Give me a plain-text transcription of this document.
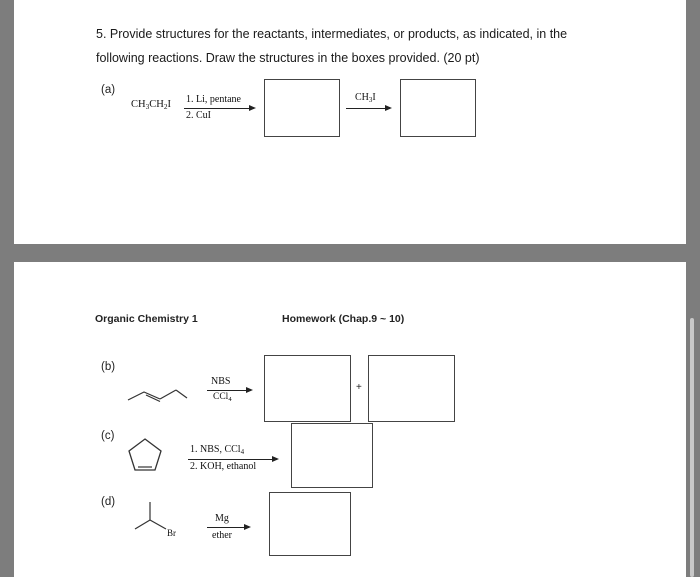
5. Provide structures for the reactants, intermediates, or products, as indicated, in the
following reactions. Draw the structures in the boxes provided. (20 pt)
(a)
$CH_3CH_2I$ 1. Li, pentane
2. CuI
$CH_3I$
Organic Chemistry 1	Homework (Chap.9 ~ 10)
(b)
NBS
CCl$_4$
+
(c)
1. NBS, CCl$_4$
2. KOH, ethanol
(d)
Br
Mg
ether
